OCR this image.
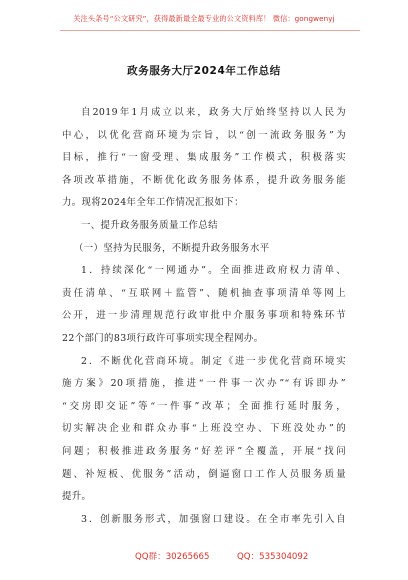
关注头条号“公文研究”，获得最新最全最专业的公文资料库！ 微信：gongwenyj
政务服务大厅2024年工作总结
自2019年1月成立以来，政务大厅始终坚持以人民为
中心，以优化营商环境为宗旨，以“创一流政务服务”为
目标，推行“一窗受理、集成服务”工作模式，积极落实
各项改革措施，不断优化政务服务体系，提升政务服务能
力。现将2024年全年工作情况汇报如下：
一、提升政务服务质量工作总结
（一）坚持为民服务，不断提升政务服务水平
1．持续深化“一网通办”。全面推进政府权力清单、
责任清单、“互联网＋监管”、随机抽查事项清单等网上
公开，进一步清理规范行政审批中介服务事项和特殊环节
22个部门的83项行政许可事项实现全程网办。
2．不断优化营商环境。制定《进一步优化营商环境实
施方案》20项措施，推进“一件事一次办”“有诉即办”
“交房即交证”等“一件事”改革；全面推行延时服务，
切实解决企业和群众办事“上班没空办、下班没处办”的
问题；积极推进政务服务“好差评”全覆盖，开展“找问
题、补短板、优服务”活动，倒逼窗口工作人员服务质量
提升。
3．创新服务形式，加强窗口建设。在全市率先引入自
QQ群：30265665	QQ：535304092
